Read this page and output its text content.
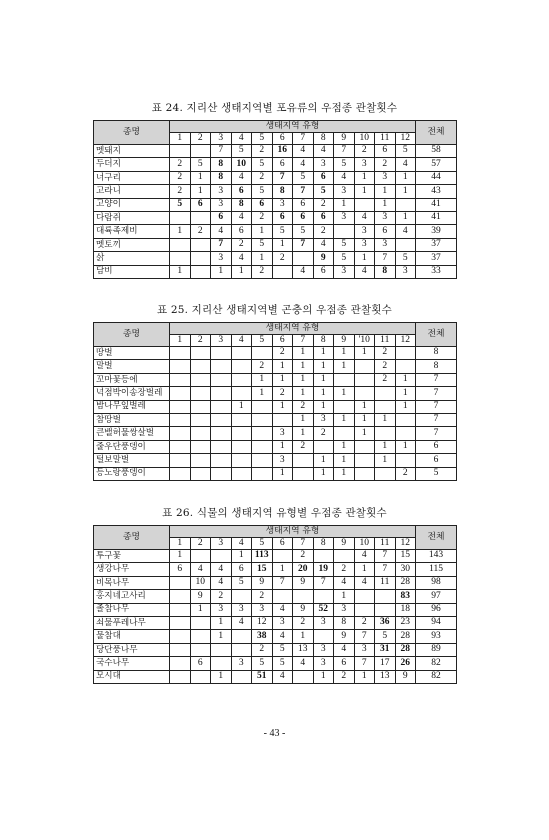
표 24. 지리산 생태지역별 포유류의 우점종 관찰횟수
종명	생태지역 유형												전체
	1	2	3	4	5	6	7	8	9	10	11	12	
멧돼지			7	5	2	16	4	4	7	2	6	5	58
두더지	2	5	8	10	5	6	4	3	5	3	2	4	57
너구리	2	1	8	4	2	7	5	6	4	1	3	1	44
고라니	2	1	3	6	5	8	7	5	3	1	1	1	43
고양이	5	6	3	8	6	3	6	2	1		1		41
다람쥐			6	4	2	6	6	6	3	4	3	1	41
대륙족제비	1	2	4	6	1	5	5	2		3	6	4	39
멧토끼			7	2	5	1	7	4	5	3	3		37
삵			3	4	1	2		9	5	1	7	5	37
담비	1		1	1	2		4	6	3	4	8	3	33
표 25. 지리산 생태지역별 곤충의 우점종 관찰횟수
종명	생태지역 유형												전체
	1	2	3	4	5	6	7	8	9	'10	11	12	
땅벌						2	1	1	1	1	2		8
말벌					2	1	1	1	1		2		8
꼬마꽃등에					1	1	1	1			2	1	7
넉점박이송장벌레					1	2	1	1	1			1	7
밤나무잎벌레				1		1	2	1		1		1	7
참땅벌							1	3	1	1	1		7
큰밸허물쌍살벌						3	1	2		1			7
줄우단풍뎅이						1	2		1		1	1	6
털보말벌						3		1	1		1		6
등노랑풍뎅이						1		1	1			2	5
표 26. 식물의 생태지역 유형별 우점종 관찰횟수
종명	생태지역 유형												전체
	1	2	3	4	5	6	7	8	9	10	11	12	
투구꽃	1			1	113		2			4	7	15	143
생강나무	6	4	4	6	15	1	20	19	2	1	7	30	115
비목나무		10	4	5	9	7	9	7	4	4	11	28	98
홍지네고사리		9	2		2				1			83	97
졸참나무		1	3	3	3	4	9	52	3			18	96
쇠물푸레나무			1	4	12	3	2	3	8	2	36	23	94
물참대			1		38	4	1		9	7	5	28	93
당단풍나무					2	5	13	3	4	3	31	28	89
국수나무		6		3	5	5	4	3	6	7	17	26	82
모시대			1		51	4		1	2	1	13	9	82
- 43 -
